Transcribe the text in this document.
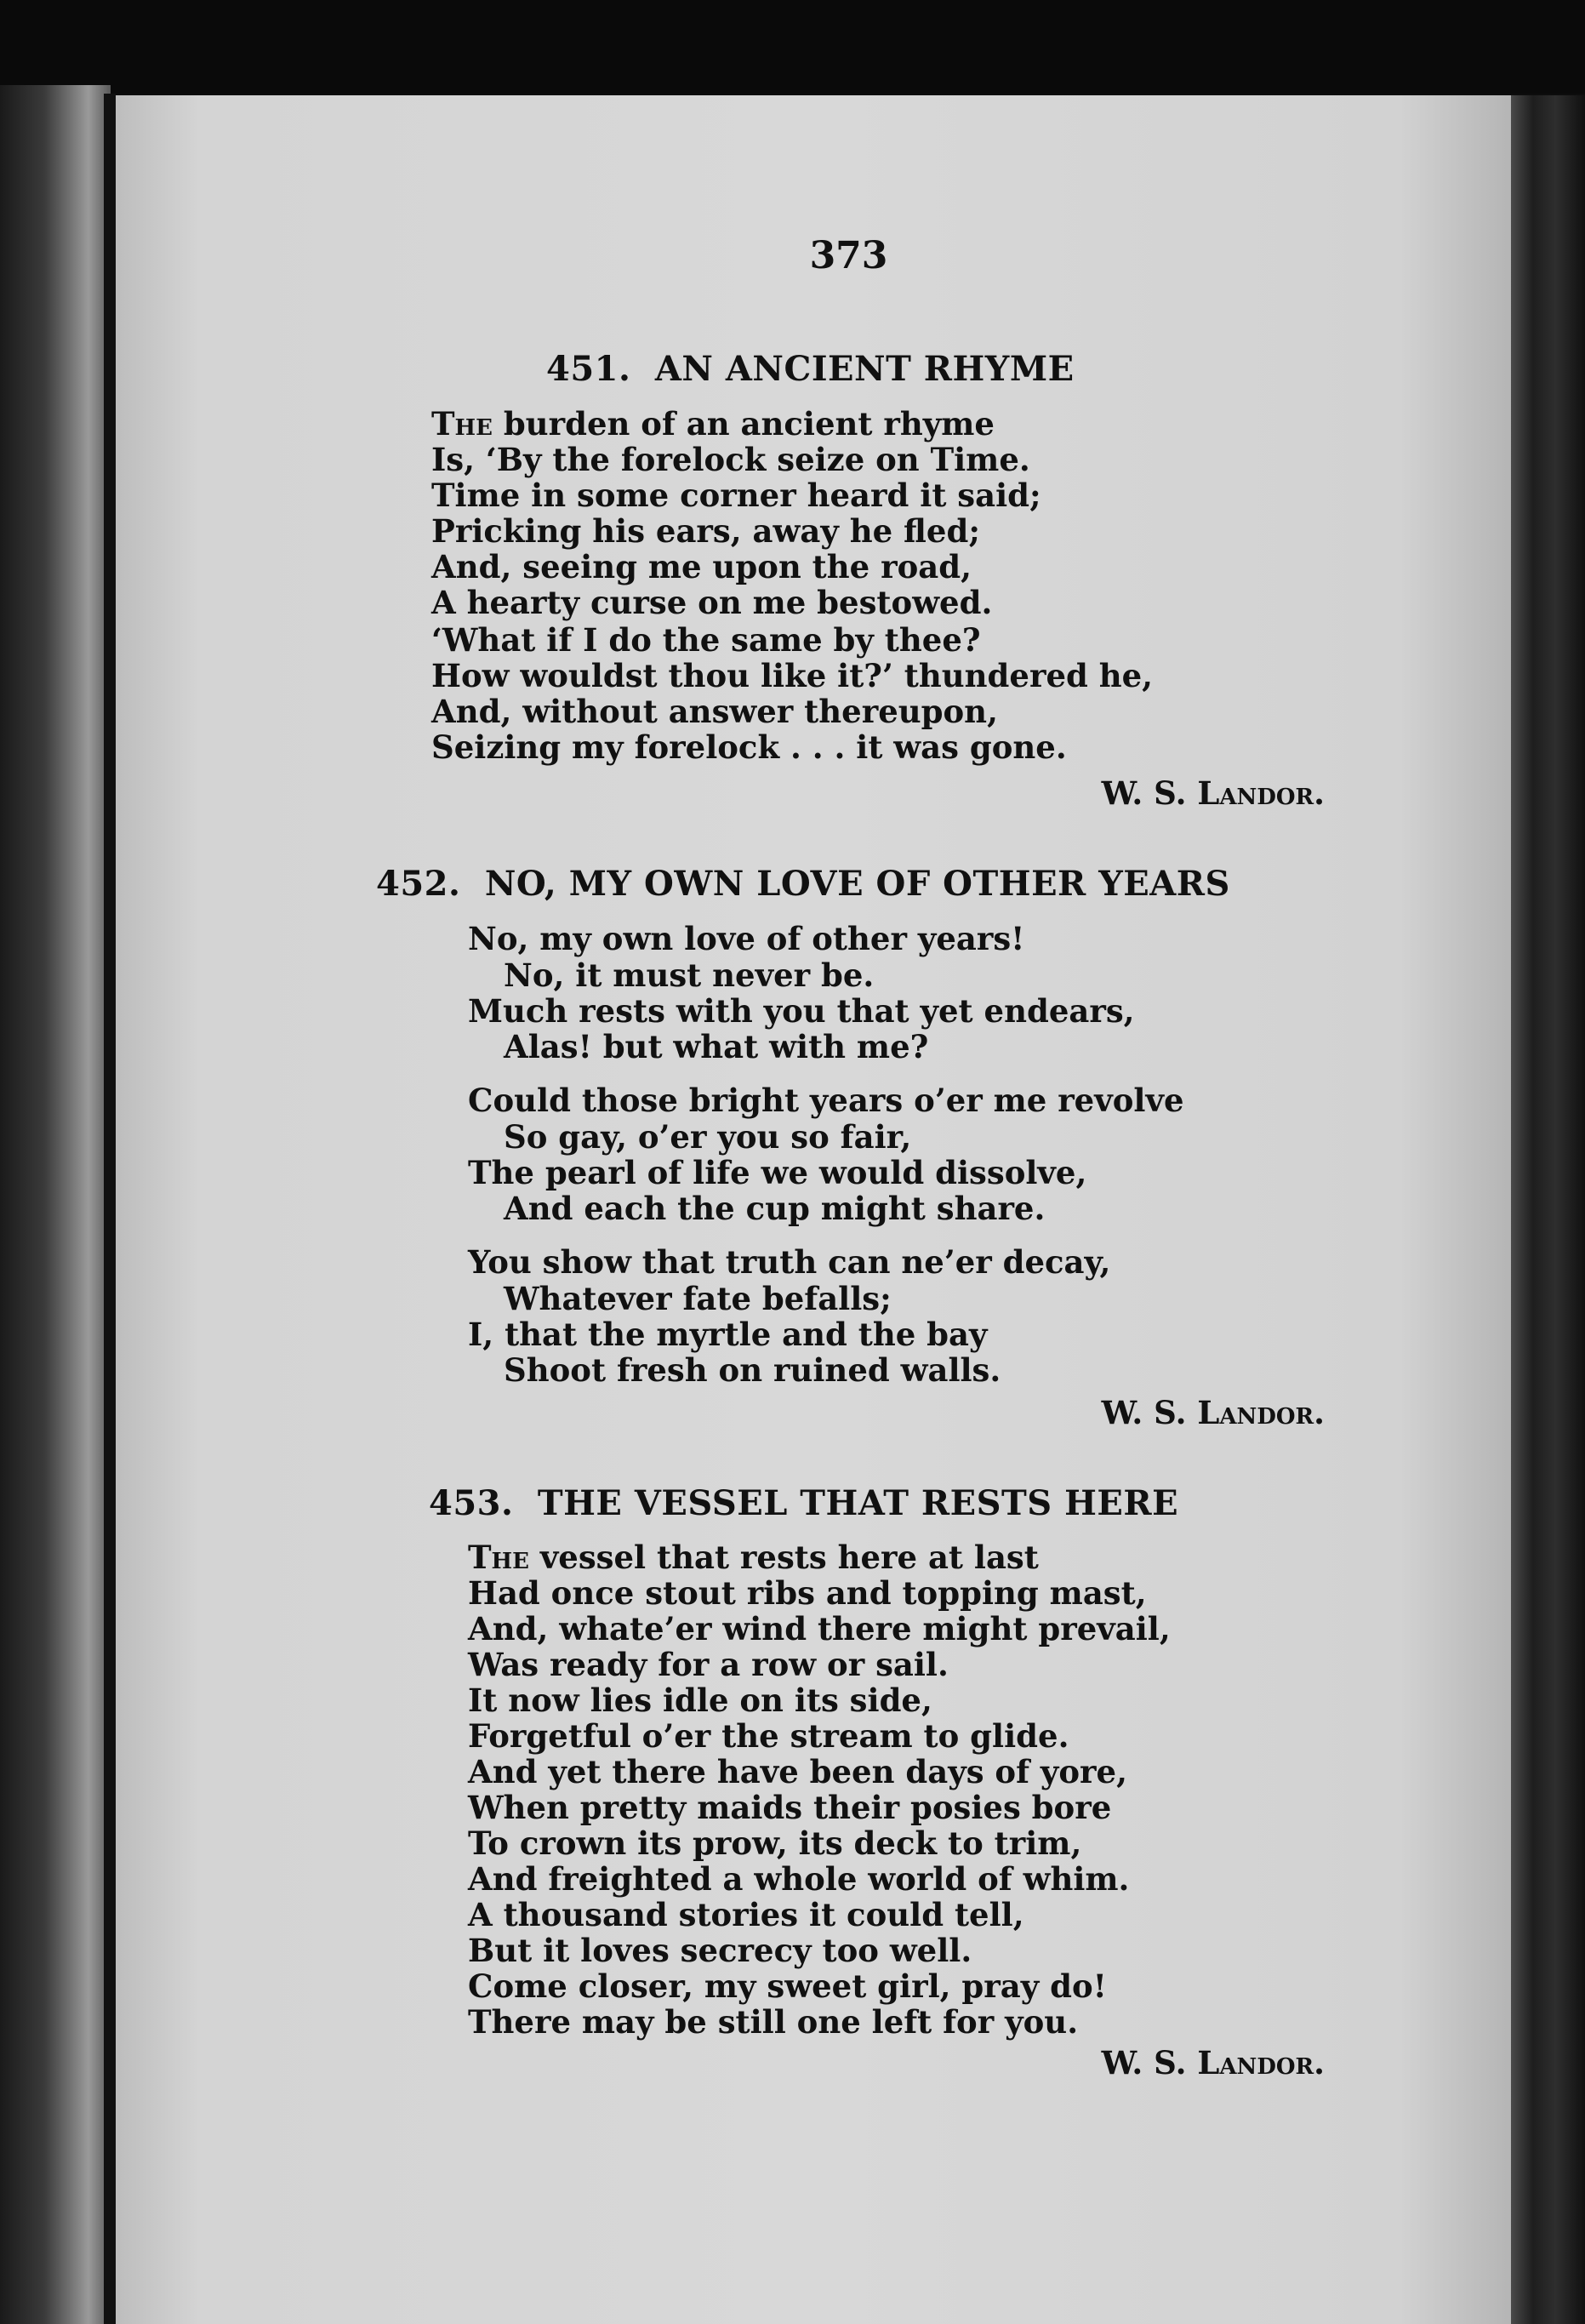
373
451. AN ANCIENT RHYME
The burden of an ancient rhyme
Is, ‘By the forelock seize on Time.
Time in some corner heard it said;
Pricking his ears, away he fled;
And, seeing me upon the road,
A hearty curse on me bestowed.
‘What if I do the same by thee?
How wouldst thou like it?’ thundered he,
And, without answer thereupon,
Seizing my forelock . . . it was gone.
W. S. Landor.
452. NO, MY OWN LOVE OF OTHER YEARS
No, my own love of other years!
No, it must never be.
Much rests with you that yet endears,
Alas! but what with me?
Could those bright years o’er me revolve
So gay, o’er you so fair,
The pearl of life we would dissolve,
And each the cup might share.
You show that truth can ne’er decay,
Whatever fate befalls;
I, that the myrtle and the bay
Shoot fresh on ruined walls.
W. S. Landor.
453. THE VESSEL THAT RESTS HERE
The vessel that rests here at last
Had once stout ribs and topping mast,
And, whate’er wind there might prevail,
Was ready for a row or sail.
It now lies idle on its side,
Forgetful o’er the stream to glide.
And yet there have been days of yore,
When pretty maids their posies bore
To crown its prow, its deck to trim,
And freighted a whole world of whim.
A thousand stories it could tell,
But it loves secrecy too well.
Come closer, my sweet girl, pray do!
There may be still one left for you.
W. S. Landor.
